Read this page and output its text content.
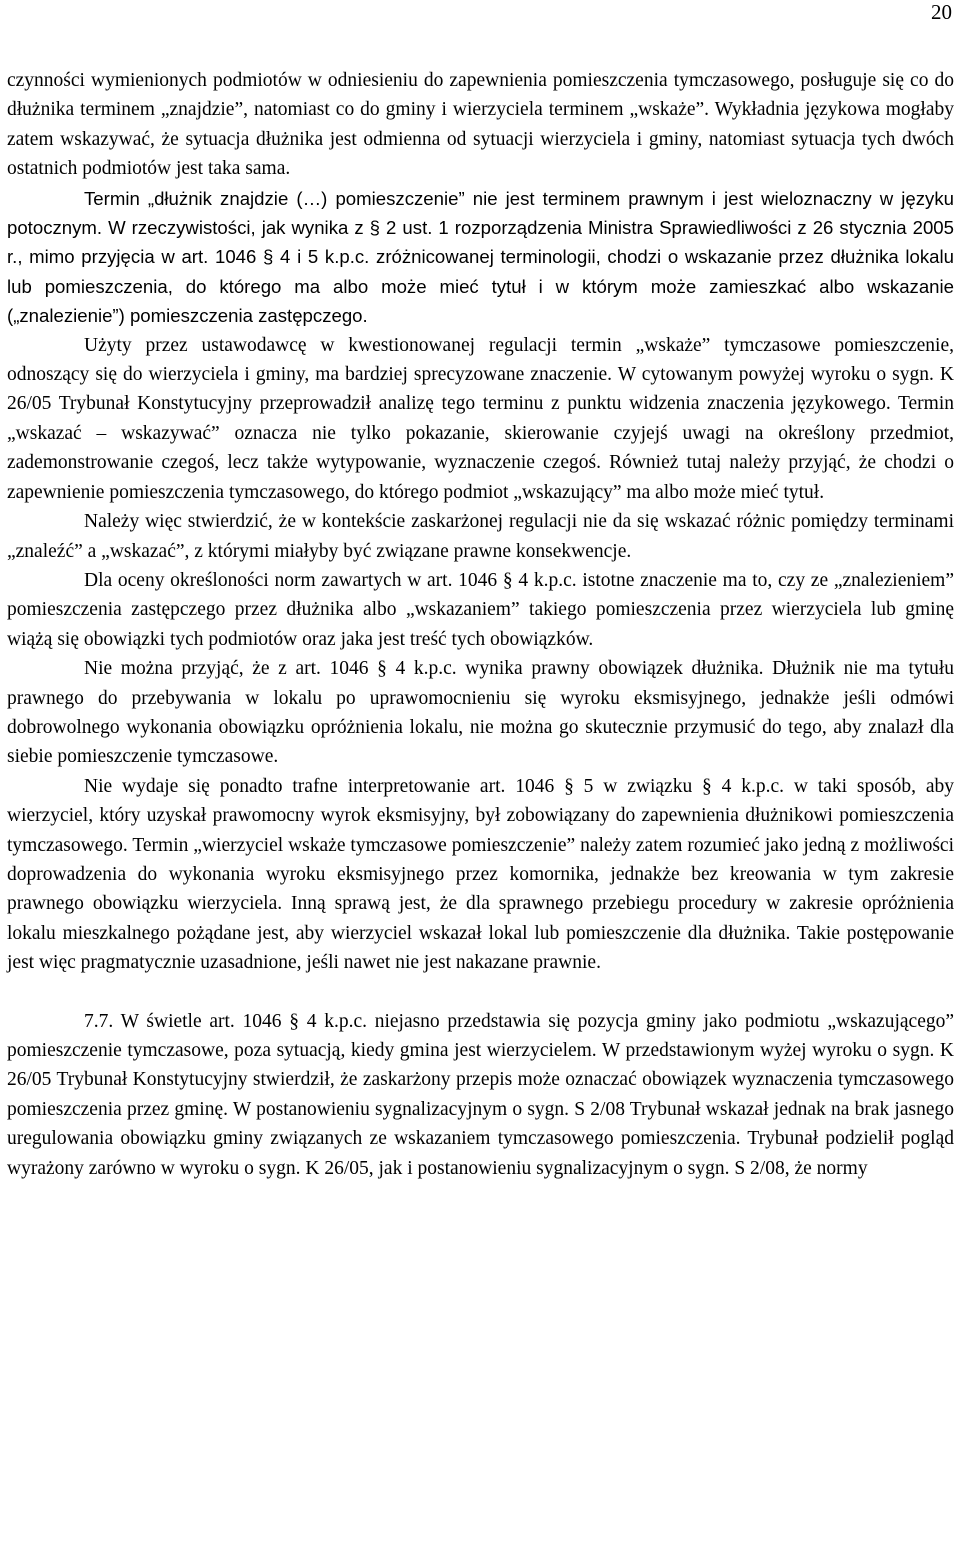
20

czynności wymienionych podmiotów w odniesieniu do zapewnienia pomieszczenia tymczasowego, posługuje się co do dłużnika terminem „znajdzie”, natomiast co do gminy i wierzyciela terminem „wskaże”. Wykładnia językowa mogłaby zatem wskazywać, że sytuacja dłużnika jest odmienna od sytuacji wierzyciela i gminy, natomiast sytuacja tych dwóch ostatnich podmiotów jest taka sama.

Termin „dłużnik znajdzie (…) pomieszczenie” nie jest terminem prawnym i jest wieloznaczny w języku potocznym. W rzeczywistości, jak wynika z § 2 ust. 1 rozporządzenia Ministra Sprawiedliwości z 26 stycznia 2005 r., mimo przyjęcia w art. 1046 § 4 i 5 k.p.c. zróżnicowanej terminologii, chodzi o wskazanie przez dłużnika lokalu lub pomieszczenia, do którego ma albo może mieć tytuł i w którym może zamieszkać albo wskazanie („znalezienie”) pomieszczenia zastępczego.

Użyty przez ustawodawcę w kwestionowanej regulacji termin „wskaże” tymczasowe pomieszczenie, odnoszący się do wierzyciela i gminy, ma bardziej sprecyzowane znaczenie. W cytowanym powyżej wyroku o sygn. K 26/05 Trybunał Konstytucyjny przeprowadził analizę tego terminu z punktu widzenia znaczenia językowego. Termin „wskazać – wskazywać” oznacza nie tylko pokazanie, skierowanie czyjejś uwagi na określony przedmiot, zademonstrowanie czegoś, lecz także wytypowanie, wyznaczenie czegoś. Również tutaj należy przyjąć, że chodzi o zapewnienie pomieszczenia tymczasowego, do którego podmiot „wskazujący” ma albo może mieć tytuł.

Należy więc stwierdzić, że w kontekście zaskarżonej regulacji nie da się wskazać różnic pomiędzy terminami „znaleźć” a „wskazać”, z którymi miałyby być związane prawne konsekwencje.

Dla oceny określoności norm zawartych w art. 1046 § 4 k.p.c. istotne znaczenie ma to, czy ze „znalezieniem” pomieszczenia zastępczego przez dłużnika albo „wskazaniem” takiego pomieszczenia przez wierzyciela lub gminę wiążą się obowiązki tych podmiotów oraz jaka jest treść tych obowiązków.

Nie można przyjąć, że z art. 1046 § 4 k.p.c. wynika prawny obowiązek dłużnika. Dłużnik nie ma tytułu prawnego do przebywania w lokalu po uprawomocnieniu się wyroku eksmisyjnego, jednakże jeśli odmówi dobrowolnego wykonania obowiązku opróżnienia lokalu, nie można go skutecznie przymusić do tego, aby znalazł dla siebie pomieszczenie tymczasowe.

Nie wydaje się ponadto trafne interpretowanie art. 1046 § 5 w związku § 4 k.p.c. w taki sposób, aby wierzyciel, który uzyskał prawomocny wyrok eksmisyjny, był zobowiązany do zapewnienia dłużnikowi pomieszczenia tymczasowego. Termin „wierzyciel wskaże tymczasowe pomieszczenie” należy zatem rozumieć jako jedną z możliwości doprowadzenia do wykonania wyroku eksmisyjnego przez komornika, jednakże bez kreowania w tym zakresie prawnego obowiązku wierzyciela. Inną sprawą jest, że dla sprawnego przebiegu procedury w zakresie opróżnienia lokalu mieszkalnego pożądane jest, aby wierzyciel wskazał lokal lub pomieszczenie dla dłużnika. Takie postępowanie jest więc pragmatycznie uzasadnione, jeśli nawet nie jest nakazane prawnie.

7.7. W świetle art. 1046 § 4 k.p.c. niejasno przedstawia się pozycja gminy jako podmiotu „wskazującego” pomieszczenie tymczasowe, poza sytuacją, kiedy gmina jest wierzycielem. W przedstawionym wyżej wyroku o sygn. K 26/05 Trybunał Konstytucyjny stwierdził, że zaskarżony przepis może oznaczać obowiązek wyznaczenia tymczasowego pomieszczenia przez gminę. W postanowieniu sygnalizacyjnym o sygn. S 2/08 Trybunał wskazał jednak na brak jasnego uregulowania obowiązku gminy związanych ze wskazaniem tymczasowego pomieszczenia. Trybunał podzielił pogląd wyrażony zarówno w wyroku o sygn. K 26/05, jak i postanowieniu sygnalizacyjnym o sygn. S 2/08, że normy
